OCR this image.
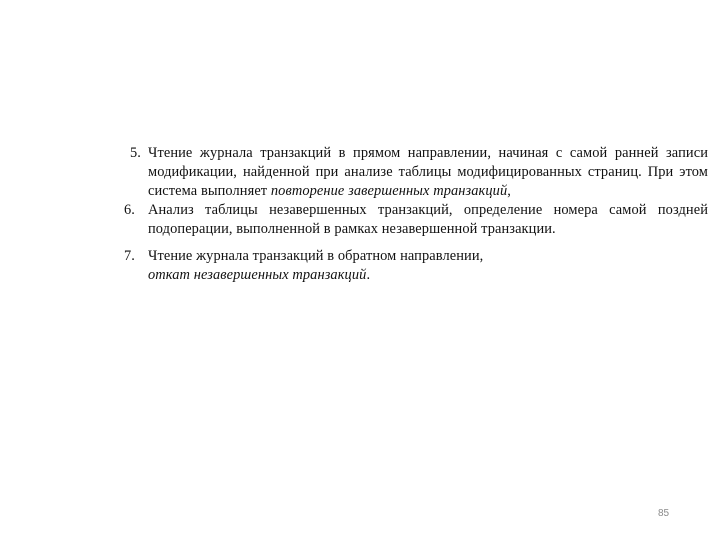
5. Чтение журнала транзакций в прямом направлении, начиная с самой ранней записи модификации, найденной при анализе таблицы модифицированных страниц. При этом система выполняет повторение завершенных транзакций,
6. Анализ таблицы незавершенных транзакций, определение номера самой поздней подоперации, выполненной в рамках незавершенной транзакции.
7. Чтение журнала транзакций в обратном направлении,
откат незавершенных транзакций.
85
